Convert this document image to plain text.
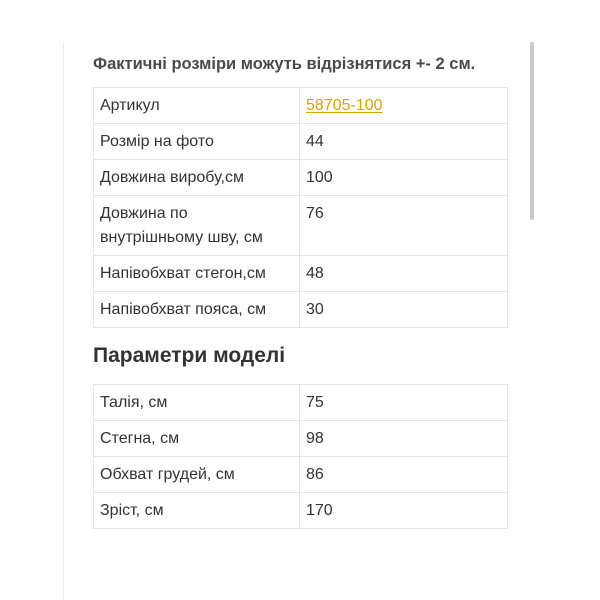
Фактичні розміри можуть відрізнятися +- 2 см.

Артикул	58705-100
Розмір на фото	44
Довжина виробу,см	100
Довжина по внутрішньому шву, см	76
Напівобхват стегон,см	48
Напівобхват пояса, см	30
Параметри моделі
Талія, см	75
Стегна, см	98
Обхват грудей, см	86
Зріст, см	170
